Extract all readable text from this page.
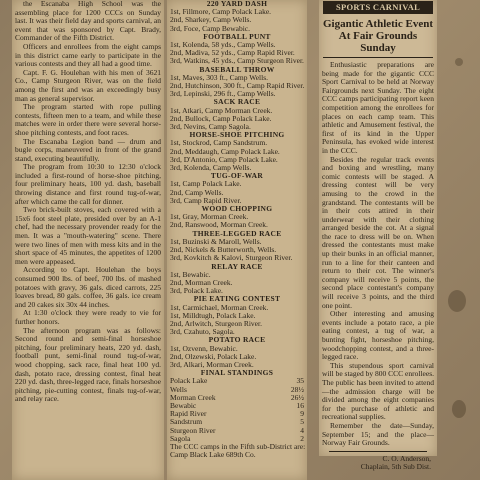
the Escanaba High School was the assembling place for 1200 CCCs on Sunday last. It was their field day and sports carnival, an event that was sponsored by Capt. Brady, Commander of the Fifth District.

Officers and enrollees from the eight camps in this district came early to participate in the various contests and they all had a good time.

Capt. F. G. Houlehan with his men of 3621 Co., Camp Sturgeon River, was on the field among the first and was an exceedingly busy man as general supervisor.

The program started with rope pulling contests, fifteen men to a team, and while these matches were in order there were several horse-shoe pitching contests, and foot races.

The Escanaba Legion band — drum and bugle corps, maneuvered in front of the grand stand, executing beautifully.

The program from 10:30 to 12:30 o'clock included a first-round of horse-shoe pitching, four preliminary heats, 100 yd. dash, baseball throwing distance and first round tug-of-war, after which came the call for dinner.

Two brick-built stoves, each covered with a 15x6 foot steel plate, presided over by an A-1 chef, had the necessary provender ready for the men. It was a "mouth-watering" scene. There were two lines of men with mess kits and in the short space of 45 minutes, the appetites of 1200 men were appeased.

According to Capt. Houlehan the boys consumed 900 lbs. of beef, 700 lbs. of mashed potatoes with gravy, 36 gals. diced carrots, 225 loaves bread, 80 gals. coffee, 36 gals. ice cream and 20 cakes six 30x 44 inches.

At 1:30 o'clock they were ready to vie for further honors.

The afternoon program was as follows: Second round and semi-final horseshoe pitching, four preliminary heats, 220 yd. dash, football punt, semi-final round tug-of-war, wood chopping, sack race, final heat 100 yd. dash, potato race, dressing contest, final heat 220 yd. dash, three-legged race, finals horseshoe pitching, pie-cutting contest, finals tug-of-war, and relay race.

220 YARD DASH
1st, Fillmore, Camp Polack Lake.
2nd, Sharkey, Camp Wells.
3rd, Foce, Camp Bewabic.
FOOTBALL PUNT
1st, Kolenda, 58 yds., Camp Wells.
2nd, Madiva, 52 yds., Camp Rapid River.
3rd, Watkins, 45 yds., Camp Sturgeon River.
BASEBALL THROW
1st, Maves, 303 ft., Camp Wells.
2nd, Hutchinson, 300 ft., Camp Rapid River.
3rd, Lepinski, 296 ft., Camp Wells.
SACK RACE
1st, Atkari, Camp Morman Creek.
2nd, Bullock, Camp Polack Lake.
3rd, Nevins, Camp Sagola.
HORSE-SHOE PITCHING
1st, Stockrod, Camp Sandstrum.
2nd, Meddaugh, Camp Polack Lake.
3rd, D'Antonio, Camp Polack Lake.
3rd, Kolenda, Camp Wells.
TUG-OF-WAR
1st, Camp Polack Lake.
2nd, Camp Wells.
3rd, Camp Rapid River.
WOOD CHOPPING
1st, Gray, Morman Creek.
2nd, Ranswood, Morman Creek.
THREE-LEGGED RACE
1st, Buzinski & Maroll, Wells.
2nd, Nickels & Butterworth, Wells.
3rd, Kovkitch & Kalovi, Sturgeon River.
RELAY RACE
1st, Bewabic.
2nd, Morman Creek.
3rd, Polack Lake.
PIE EATING CONTEST
1st, Carmichael, Morman Creek.
1st, Milldtugh, Polack Lake.
2nd, Arlwitch, Sturgeon River.
3rd, Czahuto, Sagola.
POTATO RACE
1st, Ozvenn, Bewabic.
2nd, Olzewski, Polack Lake.
3rd, Alkari, Morman Creek.
FINAL STANDINGS
Polack Lake	35
Wells	28½
Morman Creek	26½
Bewabic	16
Rapid River	9
Sandstrum	5
Sturgeon River	4
Sagola	2
The CCC camps in the Fifth sub-District are:
Camp Black Lake 689th Co.
SPORTS CARNIVAL
Gigantic Athletic Event At Fair Grounds Sunday

Enthusiastic preparations are being made for the gigantic CCC Sport Carnival to be held at Norway Fairgrounds next Sunday. The eight CCC camps participating report keen competition among the enrollees for places on each camp team. This athletic and Amusement festival, the first of its kind in the Upper Peninsula, has evoked wide interest in the CCC.

Besides the regular track events and boxing and wrestling, many comic contests will be staged. A dressing contest will be very amusing to the crowd in the grandstand. The contestants will be in their cots attired in their underwear with their clothing arranged beside the cot. At a signal the race to dress will be on. When dressed the contestants must make up their bunks in an official manner, run to a line for their canteen and return to their cot. The winner's company will receive 5 points, the second place contestant's company will receive 3 points, and the third one point.

Other interesting and amusing events include a potato race, a pie eating contest, a tug of war, a bunting fight, horseshoe pitching, woodchopping contest, and a three-legged race.

This stupendous sport carnival will be staged by 800 CCC enrollees. The public has been invited to attend—the admission charge will be divided among the eight companies for the purchase of athletic and recreational supplies.

Remember the date—Sunday, September 15; and the place—Norway Fair Grounds.

C. O. Anderson,
Chaplain, 5th Sub Dist.
